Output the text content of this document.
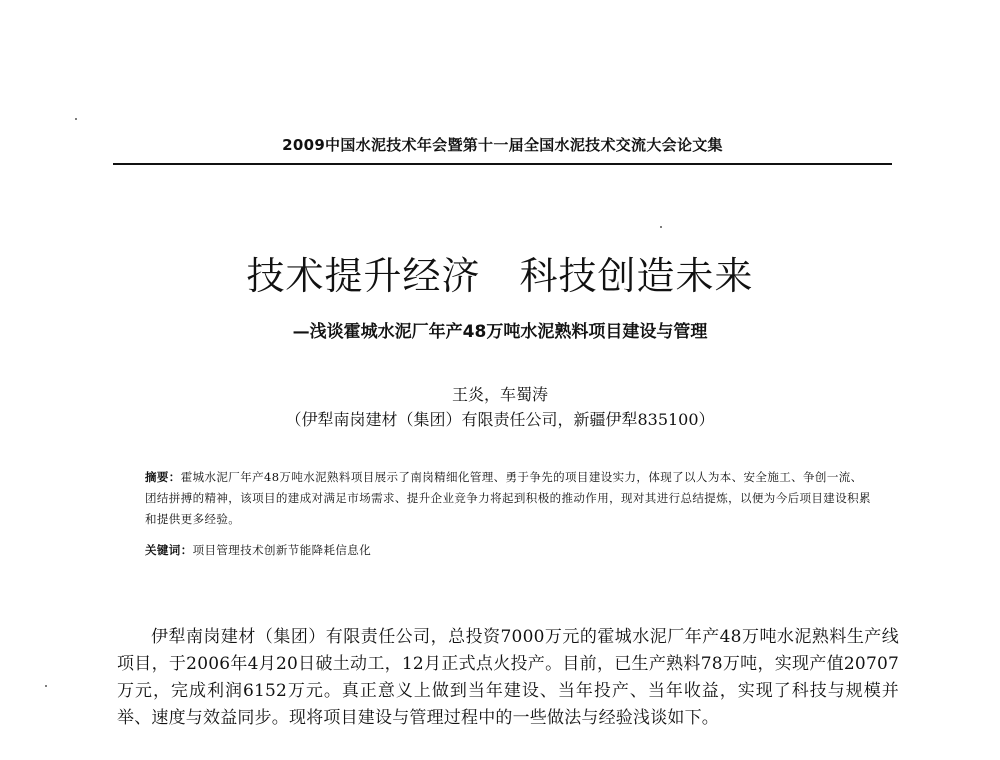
2009中国水泥技术年会暨第十一届全国水泥技术交流大会论文集
技术提升经济　科技创造未来
—浅谈霍城水泥厂年产48万吨水泥熟料项目建设与管理
王炎，车蜀涛
（伊犁南岗建材（集团）有限责任公司，新疆伊犁835100）
摘要：霍城水泥厂年产48万吨水泥熟料项目展示了南岗精细化管理、勇于争先的项目建设实力，体现了以人为本、安全施工、争创一流、团结拼搏的精神，该项目的建成对满足市场需求、提升企业竞争力将起到积极的推动作用，现对其进行总结提炼，以便为今后项目建设积累和提供更多经验。
关键词：项目管理技术创新节能降耗信息化
伊犁南岗建材（集团）有限责任公司，总投资7000万元的霍城水泥厂年产48万吨水泥熟料生产线项目，于2006年4月20日破土动工，12月正式点火投产。目前，已生产熟料78万吨，实现产值20707万元，完成利润6152万元。真正意义上做到当年建设、当年投产、当年收益，实现了科技与规模并举、速度与效益同步。现将项目建设与管理过程中的一些做法与经验浅谈如下。
